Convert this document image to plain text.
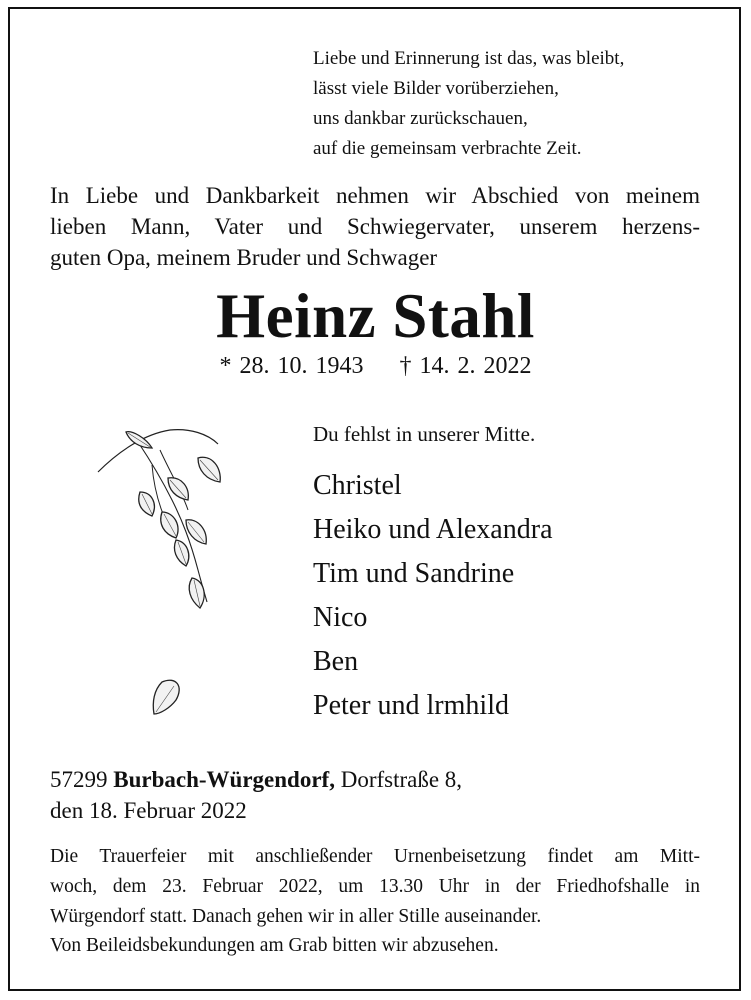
Liebe und Erinnerung ist das, was bleibt,
lässt viele Bilder vorüberziehen,
uns dankbar zurückschauen,
auf die gemeinsam verbrachte Zeit.
In Liebe und Dankbarkeit nehmen wir Abschied von meinem
lieben Mann, Vater und Schwiegervater, unserem herzens-
guten Opa, meinem Bruder und Schwager
Heinz Stahl
* 28. 10. 1943 † 14. 2. 2022
Du fehlst in unserer Mitte.
Christel
Heiko und Alexandra
Tim und Sandrine
Nico
Ben
Peter und lrmhild
57299 Burbach-Würgendorf, Dorfstraße 8,
den 18. Februar 2022
Die Trauerfeier mit anschließender Urnenbeisetzung findet am Mitt-
woch, dem 23. Februar 2022, um 13.30 Uhr in der Friedhofshalle in
Würgendorf statt. Danach gehen wir in aller Stille auseinander.
Von Beileidsbekundungen am Grab bitten wir abzusehen.
